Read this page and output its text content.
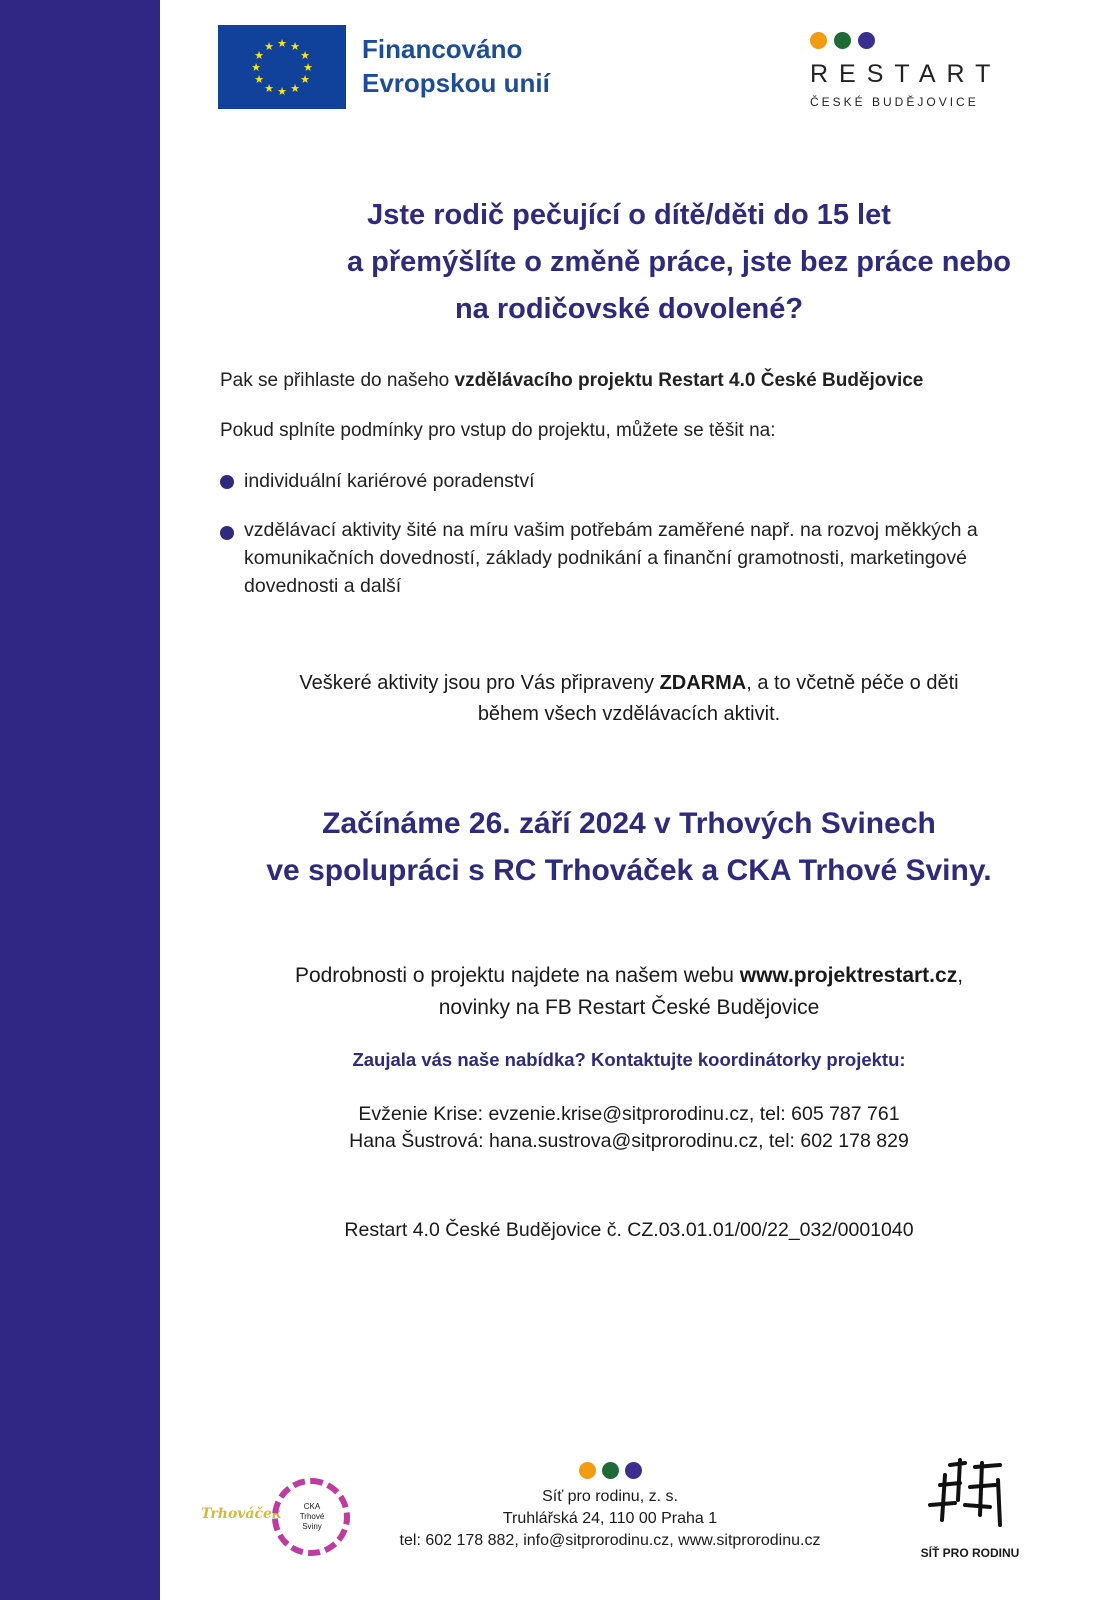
★ ★
★
★
★
★
★
★
★
★
★
★	Financováno
Evropskou unií	RESTART
ČESKÉ BUDĚJOVICE
Jste rodič pečující o dítě/děti do 15 let
a přemýšlíte o změně práce, jste bez práce nebo
na rodičovské dovolené?
Pak se přihlaste do našeho vzdělávacího projektu Restart 4.0 České Budějovice
Pokud splníte podmínky pro vstup do projektu, můžete se těšit na:
individuální kariérové poradenství
vzdělávací aktivity šité na míru vašim potřebám zaměřené např. na rozvoj měkkých a komunikačních dovedností, základy podnikání a finanční gramotnosti, marketingové dovednosti a další
Veškeré aktivity jsou pro Vás připraveny ZDARMA, a to včetně péče o děti
během všech vzdělávacích aktivit.
Začínáme 26. září 2024 v Trhových Svinech
ve spolupráci s RC Trhováček a CKA Trhové Sviny.
Podrobnosti o projektu najdete na našem webu www.projektrestart.cz,
novinky na FB Restart České Budějovice
Zaujala vás naše nabídka? Kontaktujte koordinátorky projektu:
Evženie Krise: evzenie.krise@sitprorodinu.cz, tel: 605 787 761
Hana Šustrová: hana.sustrova@sitprorodinu.cz, tel: 602 178 829
Restart 4.0 České Budějovice č. CZ.03.01.01/00/22_032/0001040
Trhováček	CKA Trhové Sviny
Síť pro rodinu, z. s.
Truhlářská 24, 110 00 Praha 1
tel: 602 178 882, info@sitprorodinu.cz, www.sitprorodinu.cz
SÍŤ PRO RODINU
